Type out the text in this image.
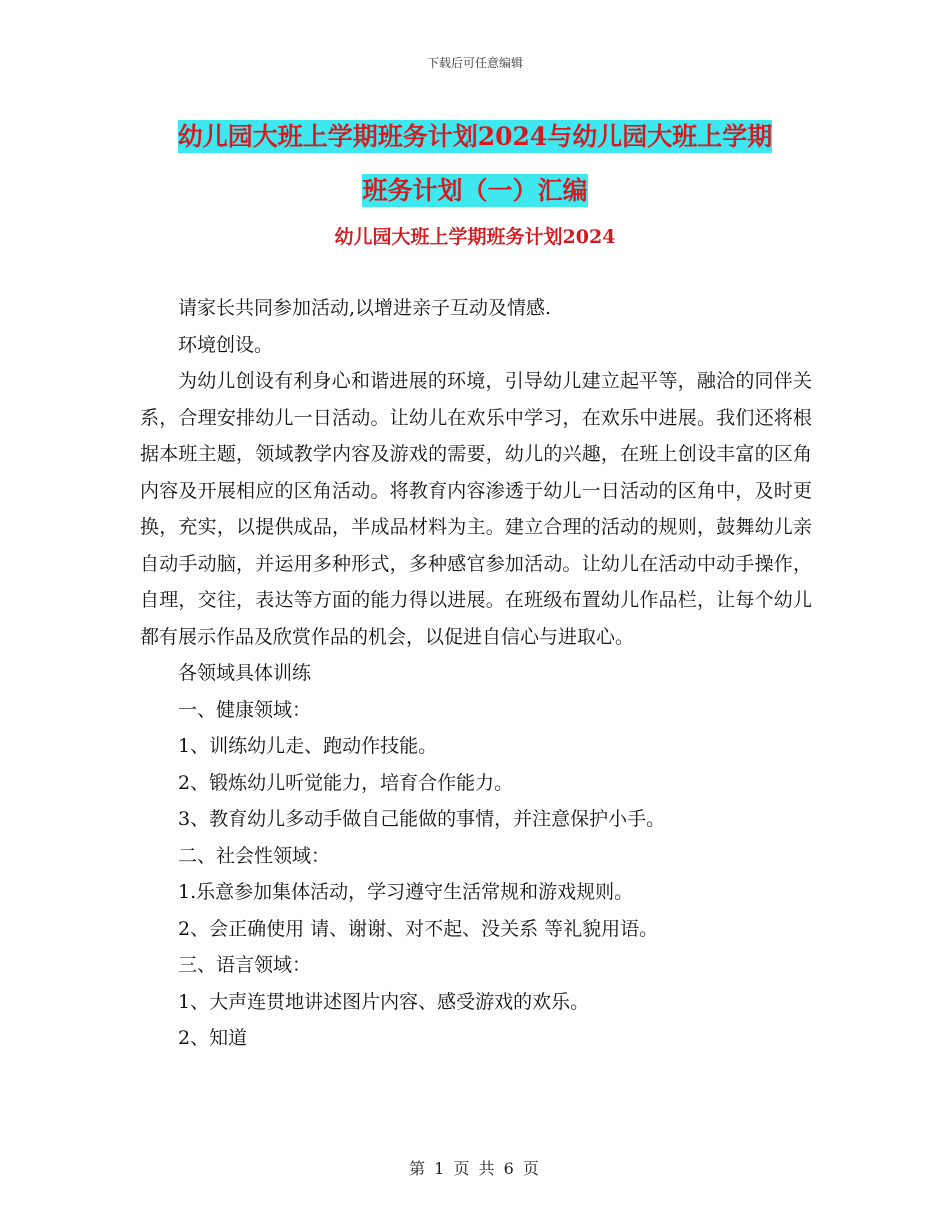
下载后可任意编辑
幼儿园大班上学期班务计划2024与幼儿园大班上学期
班务计划（一）汇编
幼儿园大班上学期班务计划2024

请家长共同参加活动,以增进亲子互动及情感.

环境创设。

为幼儿创设有利身心和谐进展的环境，引导幼儿建立起平等，融洽的同伴关系，合理安排幼儿一日活动。让幼儿在欢乐中学习，在欢乐中进展。我们还将根据本班主题，领域教学内容及游戏的需要，幼儿的兴趣，在班上创设丰富的区角内容及开展相应的区角活动。将教育内容渗透于幼儿一日活动的区角中，及时更换，充实，以提供成品，半成品材料为主。建立合理的活动的规则，鼓舞幼儿亲自动手动脑，并运用多种形式，多种感官参加活动。让幼儿在活动中动手操作，自理，交往，表达等方面的能力得以进展。在班级布置幼儿作品栏，让每个幼儿都有展示作品及欣赏作品的机会，以促进自信心与进取心。

各领域具体训练

一、健康领域：

1、训练幼儿走、跑动作技能。

2、锻炼幼儿听觉能力，培育合作能力。

3、教育幼儿多动手做自己能做的事情，并注意保护小手。

二、社会性领域：

1.乐意参加集体活动，学习遵守生活常规和游戏规则。

2、会正确使用 请、谢谢、对不起、没关系 等礼貌用语。

三、语言领域：

1、大声连贯地讲述图片内容、感受游戏的欢乐。

2、知道

第 1 页 共 6 页
